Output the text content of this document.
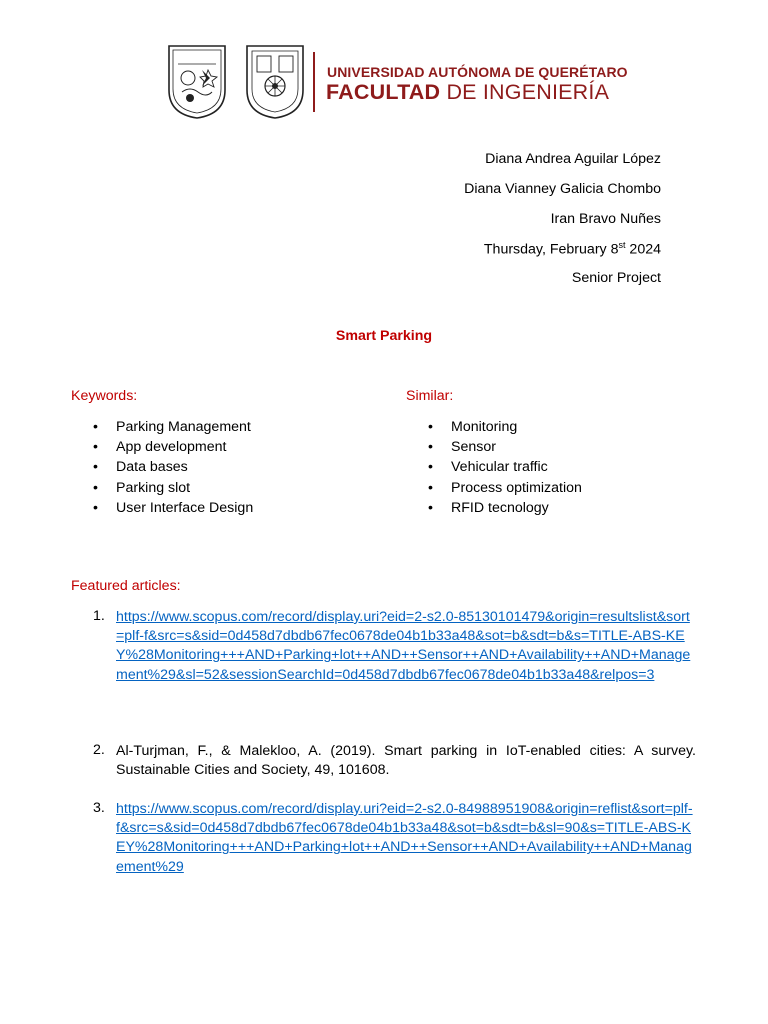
UNIVERSIDAD AUTÓNOMA DE QUERÉTARO
FACULTAD DE INGENIERÍA
Diana Andrea Aguilar López
Diana Vianney Galicia Chombo
Iran Bravo Nuñes
Thursday, February 8st 2024
Senior Project
Smart Parking
Keywords:
• Parking Management
• App development
• Data bases
• Parking slot
• User Interface Design
Similar:
• Monitoring
• Sensor
• Vehicular traffic
• Process optimization
• RFID tecnology
Featured articles:
1. https://www.scopus.com/record/display.uri?eid=2-s2.0-85130101479&origin=resultslist&sort=plf-f&src=s&sid=0d458d7dbdb67fec0678de04b1b33a48&sot=b&sdt=b&s=TITLE-ABS-KEY%28Monitoring+++AND+Parking+lot++AND++Sensor++AND+Availability++AND+Management%29&sl=52&sessionSearchId=0d458d7dbdb67fec0678de04b1b33a48&relpos=3
2. Al-Turjman, F., & Malekloo, A. (2019). Smart parking in IoT-enabled cities: A survey. Sustainable Cities and Society, 49, 101608.
3. https://www.scopus.com/record/display.uri?eid=2-s2.0-84988951908&origin=reflist&sort=plf-f&src=s&sid=0d458d7dbdb67fec0678de04b1b33a48&sot=b&sdt=b&sl=90&s=TITLE-ABS-KEY%28Monitoring+++AND+Parking+lot++AND++Sensor++AND+Availability++AND+Management%29
